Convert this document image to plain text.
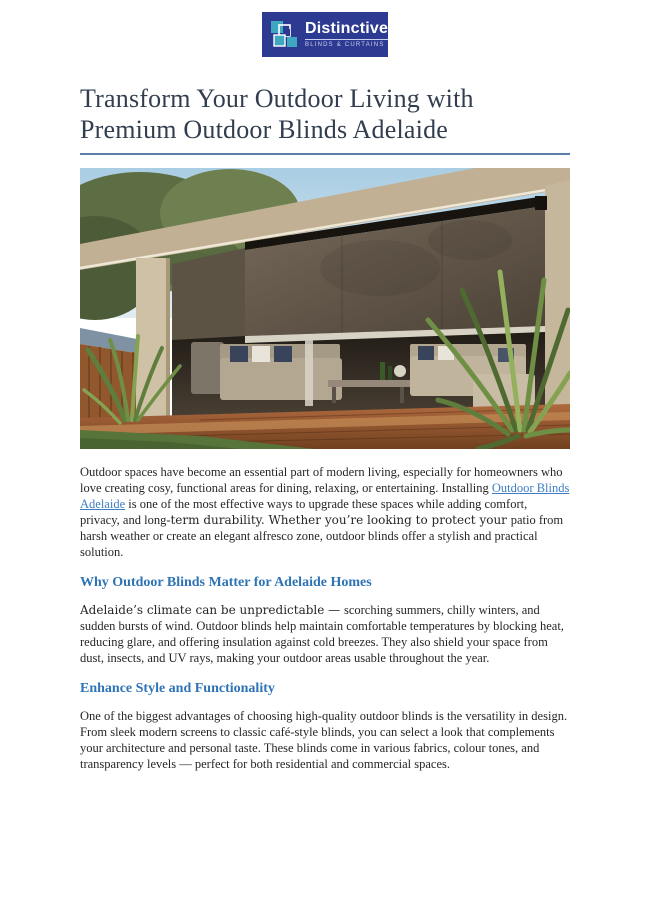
Distinctive
BLINDS & CURTAINS
Transform Your Outdoor Living with Premium Outdoor Blinds Adelaide

Outdoor spaces have become an essential part of modern living, especially for homeowners who love creating cosy, functional areas for dining, relaxing, or entertaining. Installing Outdoor Blinds Adelaide is one of the most effective ways to upgrade these spaces while adding comfort, privacy, and long-term durability. Whether you’re looking to protect your patio from harsh weather or create an elegant alfresco zone, outdoor blinds offer a stylish and practical solution.

Why Outdoor Blinds Matter for Adelaide Homes

Adelaide’s climate can be unpredictable — scorching summers, chilly winters, and sudden bursts of wind. Outdoor blinds help maintain comfortable temperatures by blocking heat, reducing glare, and offering insulation against cold breezes. They also shield your space from dust, insects, and UV rays, making your outdoor areas usable throughout the year.

Enhance Style and Functionality

One of the biggest advantages of choosing high-quality outdoor blinds is the versatility in design. From sleek modern screens to classic café-style blinds, you can select a look that complements your architecture and personal taste. These blinds come in various fabrics, colour tones, and transparency levels — perfect for both residential and commercial spaces.
